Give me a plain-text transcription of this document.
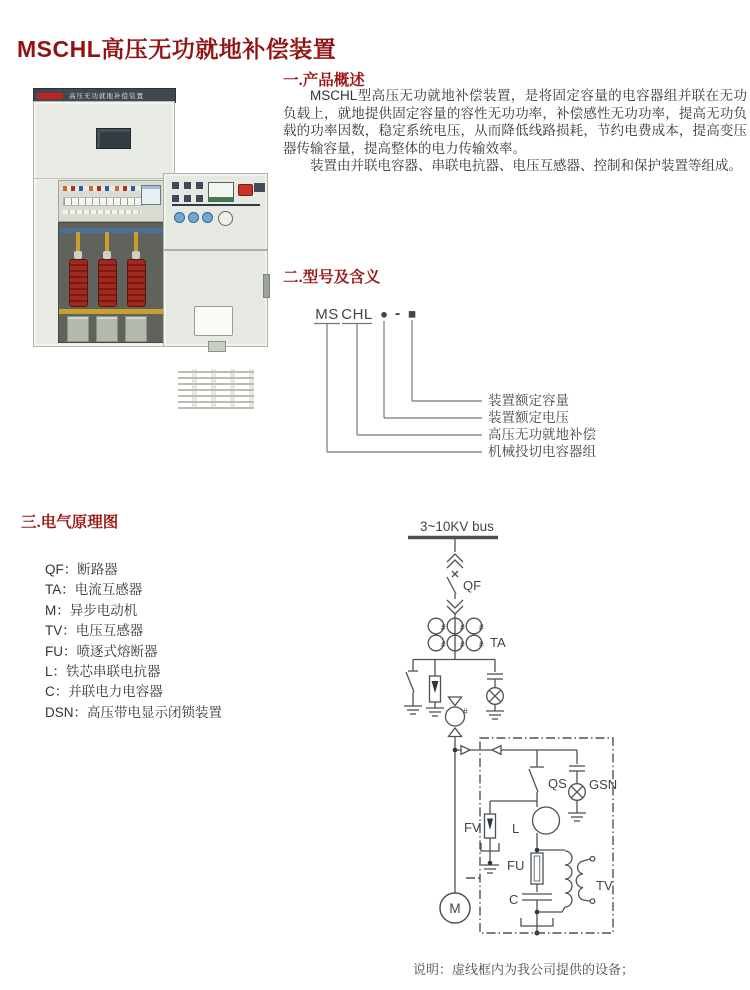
MSCHL高压无功就地补偿装置
高压无功就地补偿装置
一.产品概述

MSCHL型高压无功就地补偿装置，是将固定容量的电容器组并联在无功负载上，就地提供固定容量的容性无功功率，补偿感性无功功率，提高无功负载的功率因数，稳定系统电压，从而降低线路损耗，节约电费成本，提高变压器传输容量，提高整体的电力传输效率。

装置由并联电容器、串联电抗器、电压互感器、控制和保护装置等组成。

二.型号及含义
MS CHL ● - ■
装置额定容量
装置额定电压
高压无功就地补偿
机械投切电容器组
三.电气原理图
QF：断路器
TA：电流互感器
M：异步电动机
TV：电压互感器
FU：喷逐式熔断器
L：铁芯串联电抗器
C：并联电力电容器
DSN：高压带电显示闭锁装置
3~10KV bus
QF
TA
QS GSN
FV L
FU
C
TV
M
# # #
# # #
#
说明：虚线框内为我公司提供的设备；
